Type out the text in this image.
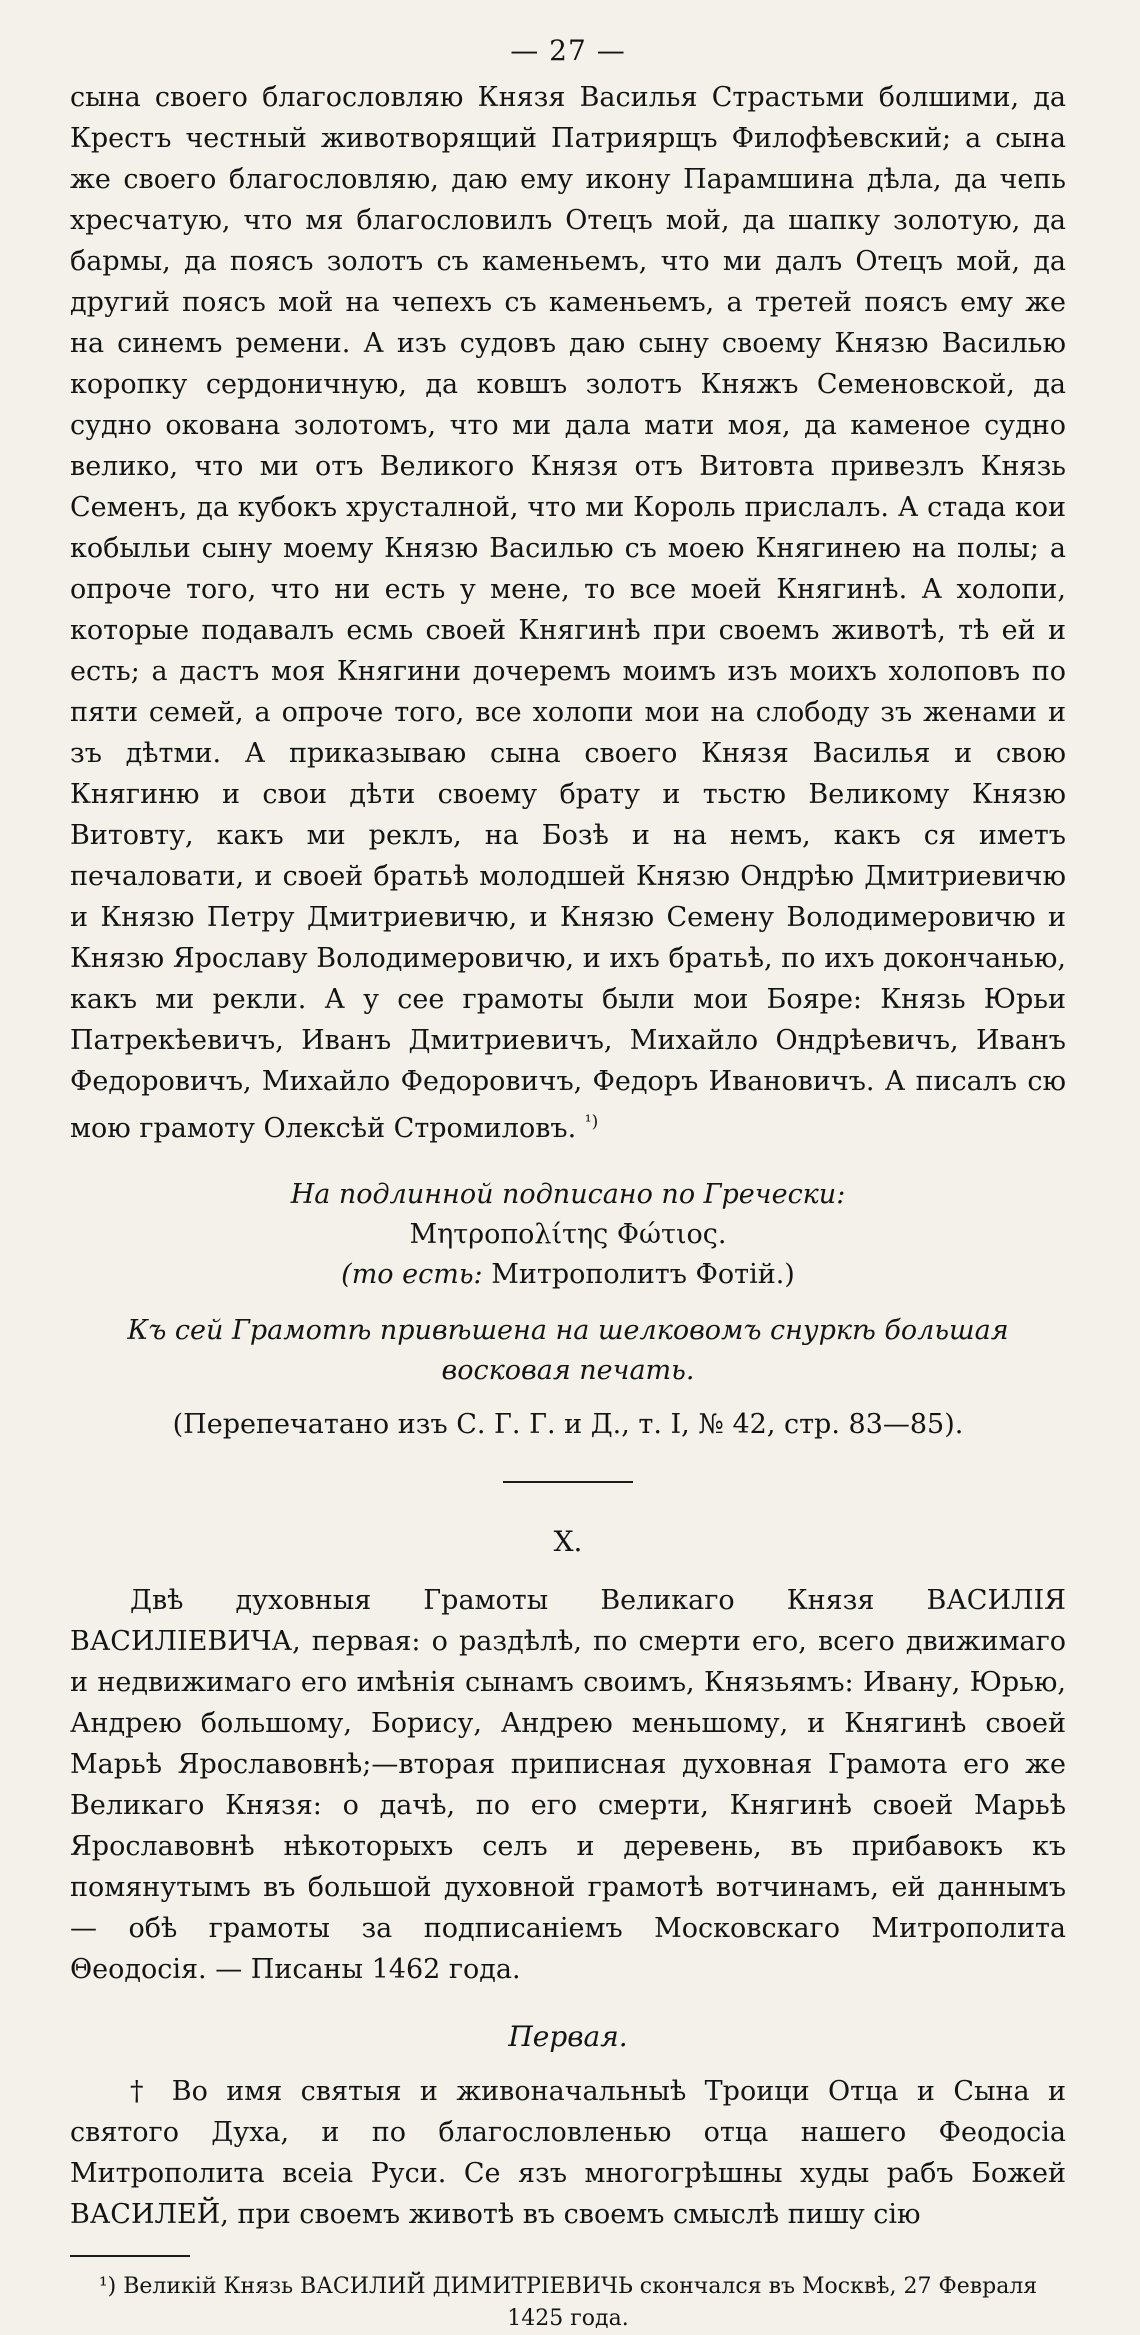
— 27 —

сына своего благословляю Князя Василья Страстьми болшими, да Крестъ честный животворящий Патриярщъ Филофѣевский; а сына же своего благословляю, даю ему икону Парамшина дѣла, да чепь хресчатую, что мя благословилъ Отецъ мой, да шапку золотую, да бармы, да поясъ золотъ съ каменьемъ, что ми далъ Отецъ мой, да другий поясъ мой на чепехъ съ каменьемъ, а третей поясъ ему же на синемъ ремени. А изъ судовъ даю сыну своему Князю Василью коропку сердоничную, да ковшъ золотъ Княжъ Семеновской, да судно окована золотомъ, что ми дала мати моя, да каменое судно велико, что ми отъ Великого Князя отъ Витовта привезлъ Князь Семенъ, да кубокъ хрусталной, что ми Король прислалъ. А стада кои кобыльи сыну моему Князю Василью съ моею Княгинею на полы; а опроче того, что ни есть у мене, то все моей Княгинѣ. А холопи, которые подавалъ есмь своей Княгинѣ при своемъ животѣ, тѣ ей и есть; а дастъ моя Княгини дочеремъ моимъ изъ моихъ холоповъ по пяти семей, а опроче того, все холопи мои на слободу зъ женами и зъ дѣтми. А приказываю сына своего Князя Василья и свою Княгиню и свои дѣти своему брату и тьстю Великому Князю Витовту, какъ ми реклъ, на Бозѣ и на немъ, какъ ся иметъ печаловати, и своей братьѣ молодшей Князю Ондрѣю Дмитриевичю и Князю Петру Дмитриевичю, и Князю Семену Володимеровичю и Князю Ярославу Володимеровичю, и ихъ братьѣ, по ихъ докончанью, какъ ми рекли. А у сее грамоты были мои Бояре: Князь Юрьи Патрекѣевичъ, Иванъ Дмитриевичъ, Михайло Ондрѣевичъ, Иванъ Федоровичъ, Михайло Федоровичъ, Федоръ Ивановичъ. А писалъ сю мою грамоту Олексѣй Стромиловъ. $^{^1)}$

На подлинной подписано по Гречески:

Μητροπολίτης Φώτιος.

(то есть: Митрополитъ Фотiй.)

Къ сей Грамотѣ привѣшена на шелковомъ снуркѣ большая восковая печать.

(Перепечатано изъ С. Г. Г. и Д., т. I, № 42, стр. 83—85).

X.

Двѣ духовныя Грамоты Великаго Князя ВАСИЛIЯ ВАСИЛIЕВИЧА, первая: о раздѣлѣ, по смерти его, всего движимаго и недвижимаго его имѣнiя сынамъ своимъ, Князьямъ: Ивану, Юрью, Андрею большому, Борису, Андрею меньшому, и Княгинѣ своей Марьѣ Ярославовнѣ;—вторая приписная духовная Грамота его же Великаго Князя: о дачѣ, по его смерти, Княгинѣ своей Марьѣ Ярославовнѣ нѣкоторыхъ селъ и деревень, въ прибавокъ къ помянутымъ въ большой духовной грамотѣ вотчинамъ, ей даннымъ — обѣ грамоты за подписанiемъ Московскаго Митрополита Θеодосiя. — Писаны 1462 года.

Первая.

† Во имя святыя и живоначальныѣ Троици Отца и Сына и святого Духа, и по благословленью отца нашего Феодосiа Митрополита всеiа Руси. Се язъ многогрѣшны худы рабъ Божей ВАСИЛЕЙ, при своемъ животѣ въ своемъ смыслѣ пишу сiю

¹) Великiй Князь ВАСИЛИЙ ДИМИТРIЕВИЧЬ скончался въ Москвѣ, 27 Февраля 1425 года.
